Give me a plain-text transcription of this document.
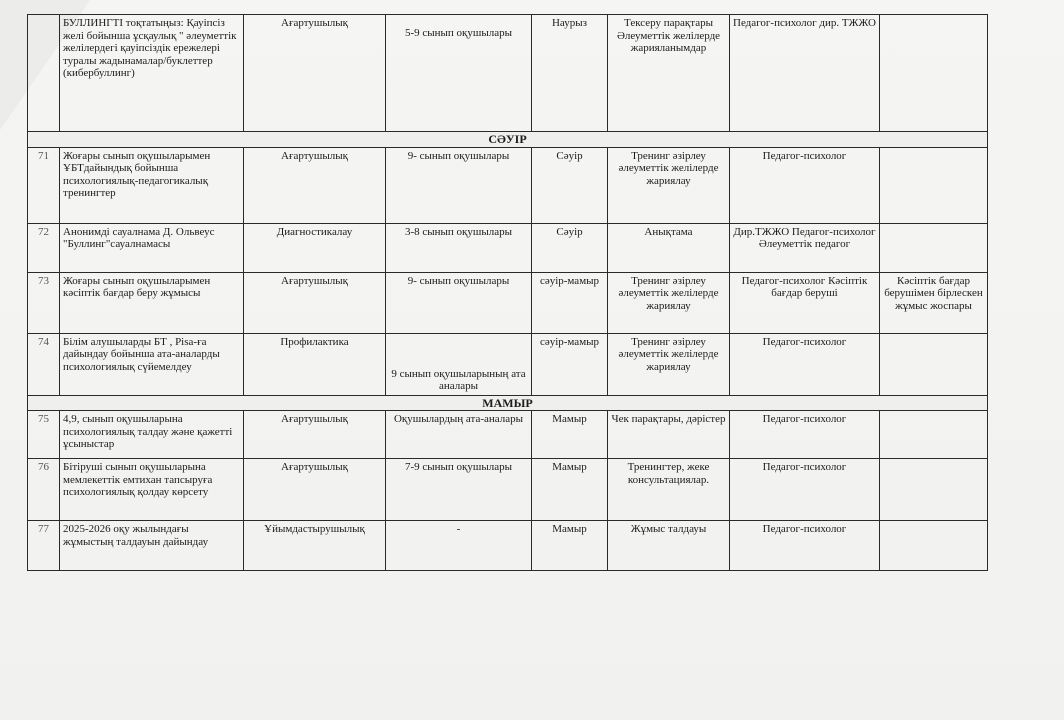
	БУЛЛИНГТІ тоқтатыңыз: Қауіпсіз желі бойынша ұсқаулық " әлеуметтік желілердегі қауіпсіздік ережелері туралы жадынамалар/буклеттер (кибербуллинг)	Ағартушылық	5-9 сынып оқушылары	Наурыз	Тексеру парақтары Әлеуметтік желілерде жарияланымдар	Педагог-психолог дир. ТЖЖО	
СӘУІР							
71	Жоғары сынып оқушыларымен ҰБТдайындық бойынша психологиялық-педагогикалық тренингтер	Ағартушылық	9- сынып оқушылары	Сәуір	Тренинг әзірлеу әлеуметтік желілерде жариялау	Педагог-психолог	
72	Анонимді сауалнама Д. Ольвеус "Буллинг"сауалнамасы	Диагностикалау	3-8 сынып оқушылары	Сәуір	Анықтама	Дир.ТЖЖО Педагог-психолог Әлеуметтік педагог	
73	Жоғары сынып оқушыларымен кәсіптік бағдар беру жұмысы	Ағартушылық	9- сынып оқушылары	сәуір-мамыр	Тренинг әзірлеу әлеуметтік желілерде жариялау	Педагог-психолог Кәсіптік бағдар беруші	Кәсіптік бағдар берушімен бірлескен жұмыс жоспары
74	Білім алушыларды БТ , Pisa-ға дайындау бойынша ата-аналарды психологиялық сүйемелдеу	Профилактика	9 сынып оқушыларының ата аналары	сәуір-мамыр	Тренинг әзірлеу әлеуметтік желілерде жариялау	Педагог-психолог	
МАМЫР							
75	4,9, сынып оқушыларына психологиялық талдау және қажетті ұсыныстар	Ағартушылық	Оқушылардың ата-аналары	Мамыр	Чек парақтары, дәрістер	Педагог-психолог	
76	Бітіруші сынып оқушыларына мемлекеттік емтихан тапсыруға психологиялық қолдау көрсету	Ағартушылық	7-9 сынып оқушылары	Мамыр	Тренингтер, жеке консультациялар.	Педагог-психолог	
77	2025-2026 оқу жылындағы жұмыстың талдауын дайындау	Ұйымдастырушылық	-	Мамыр	Жұмыс талдауы	Педагог-психолог	
